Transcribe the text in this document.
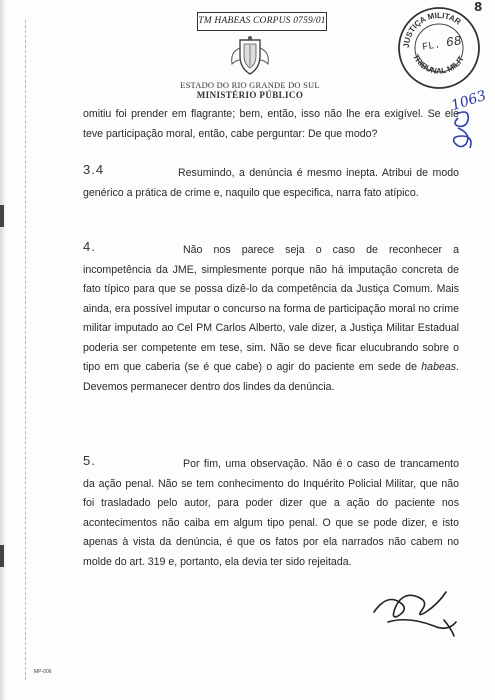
TM HABEAS CORPUS 0759/01
ESTADO DO RIO GRANDE DO SUL
MINISTÉRIO PÚBLICO
JUSTIÇA MILITAR
TRIBUNAL MILIT
FL. 68
8
1063
omitiu foi prender em flagrante; bem, então, isso não lhe era exigível. Se ele teve participação moral, então, cabe perguntar: De que modo?
3.4	Resumindo, a denúncia é mesmo inepta. Atribui de modo genérico a prática de crime e, naquilo que especifica, narra fato atípico.
4.	Não nos parece seja o caso de reconhecer a incompetência da JME, simplesmente porque não há imputação concreta de fato típico para que se possa dizê-lo da competência da Justiça Comum. Mais ainda, era possível imputar o concurso na forma de participação moral no crime militar imputado ao Cel PM Carlos Alberto, vale dizer, a Justiça Militar Estadual poderia ser competente em tese, sim. Não se deve ficar elucubrando sobre o tipo em que caberia (se é que cabe) o agir do paciente em sede de habeas. Devemos permanecer dentro dos lindes da denúncia.
5.	Por fim, uma observação. Não é o caso de trancamento da ação penal. Não se tem conhecimento do Inquérito Policial Militar, que não foi trasladado pelo autor, para poder dizer que a ação do paciente nos acontecimentos não caiba em algum tipo penal. O que se pode dizer, e isto apenas à vista da denúncia, é que os fatos por ela narrados não cabem no molde do art. 319 e, portanto, ela devia ter sido rejeitada.
MP-006
